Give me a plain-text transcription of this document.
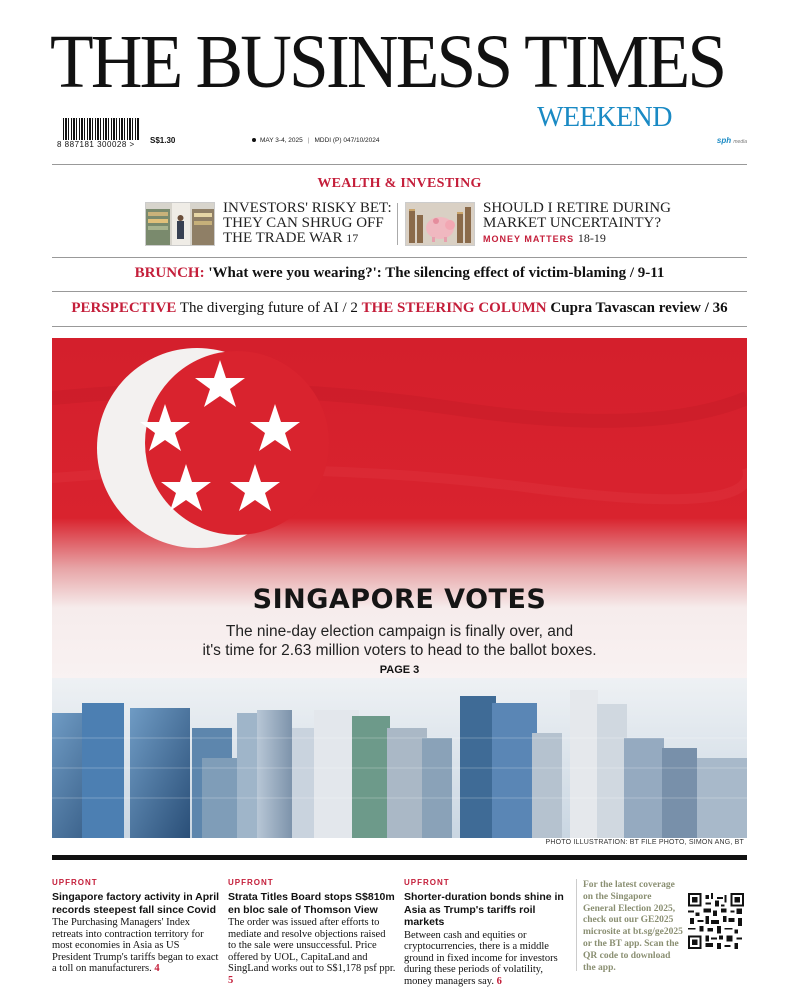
THE BUSINESS TIMES
WEEKEND
8 887181 300028 > S$1.30	MAY 3-4, 2025 | MDDI (P) 047/10/2024	sph media
WEALTH & INVESTING
INVESTORS' RISKY BET:
THEY CAN SHRUG OFF
THE TRADE WAR 17
SHOULD I RETIRE DURING
MARKET UNCERTAINTY?
MONEY MATTERS 18-19
BRUNCH: 'What were you wearing?': The silencing effect of victim-blaming / 9-11
PERSPECTIVE The diverging future of AI / 2 THE STEERING COLUMN Cupra Tavascan review / 36
SINGAPORE VOTES
The nine-day election campaign is finally over, and
it's time for 2.63 million voters to head to the ballot boxes.
PAGE 3
PHOTO ILLUSTRATION: BT FILE PHOTO, SIMON ANG, BT
UPFRONT
Singapore factory activity in April records steepest fall since Covid
The Purchasing Managers' Index retreats into contraction territory for most economies in Asia as US President Trump's tariffs began to exact a toll on manufacturers. 4
UPFRONT
Strata Titles Board stops S$810m en bloc sale of Thomson View
The order was issued after efforts to mediate and resolve objections raised to the sale were unsuccessful. Price offered by UOL, CapitaLand and SingLand works out to S$1,178 psf ppr. 5
UPFRONT
Shorter-duration bonds shine in Asia as Trump's tariffs roil markets
Between cash and equities or cryptocurrencies, there is a middle ground in fixed income for investors during these periods of volatility, money managers say. 6
For the latest coverage on the Singapore General Election 2025, check out our GE2025 microsite at bt.sg/ge2025 or the BT app. Scan the QR code to download the app.
